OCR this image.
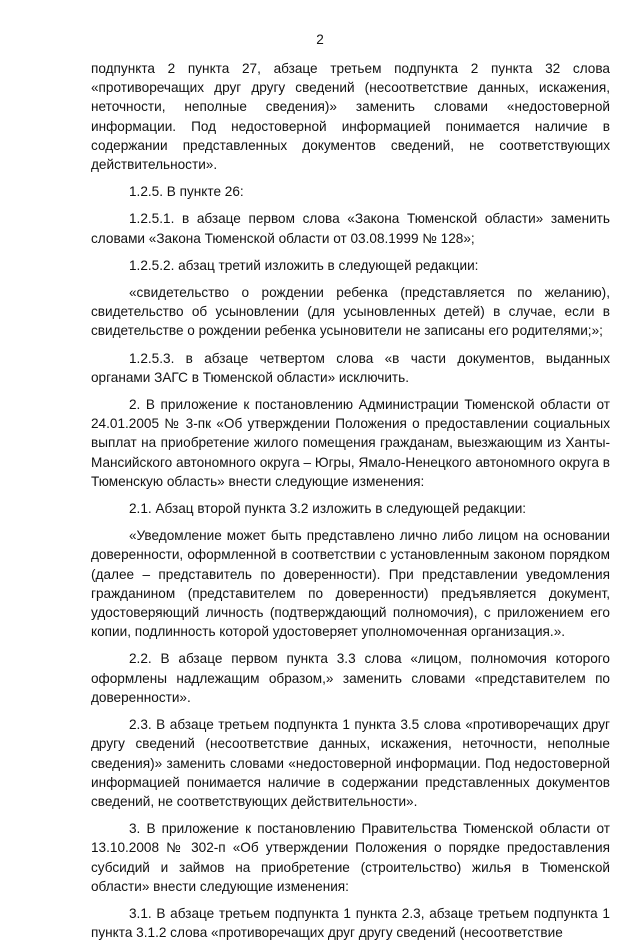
2

подпункта 2 пункта 27, абзаце третьем подпункта 2 пункта 32 слова «противоречащих друг другу сведений (несоответствие данных, искажения, неточности, неполные сведения)» заменить словами «недостоверной информации. Под недостоверной информацией понимается наличие в содержании представленных документов сведений, не соответствующих действительности».

1.2.5. В пункте 26:

1.2.5.1. в абзаце первом слова «Закона Тюменской области» заменить словами «Закона Тюменской области от 03.08.1999 № 128»;

1.2.5.2. абзац третий изложить в следующей редакции:

«свидетельство о рождении ребенка (представляется по желанию), свидетельство об усыновлении (для усыновленных детей) в случае, если в свидетельстве о рождении ребенка усыновители не записаны его родителями;»;

1.2.5.3. в абзаце четвертом слова «в части документов, выданных органами ЗАГС в Тюменской области» исключить.

2. В приложение к постановлению Администрации Тюменской области от 24.01.2005 № 3-пк «Об утверждении Положения о предоставлении социальных выплат на приобретение жилого помещения гражданам, выезжающим из Ханты-Мансийского автономного округа – Югры, Ямало-Ненецкого автономного округа в Тюменскую область» внести следующие изменения:

2.1. Абзац второй пункта 3.2 изложить в следующей редакции:

«Уведомление может быть представлено лично либо лицом на основании доверенности, оформленной в соответствии с установленным законом порядком (далее – представитель по доверенности). При представлении уведомления гражданином (представителем по доверенности) предъявляется документ, удостоверяющий личность (подтверждающий полномочия), с приложением его копии, подлинность которой удостоверяет уполномоченная организация.».

2.2. В абзаце первом пункта 3.3 слова «лицом, полномочия которого оформлены надлежащим образом,» заменить словами «представителем по доверенности».

2.3. В абзаце третьем подпункта 1 пункта 3.5 слова «противоречащих друг другу сведений (несоответствие данных, искажения, неточности, неполные сведения)» заменить словами «недостоверной информации. Под недостоверной информацией понимается наличие в содержании представленных документов сведений, не соответствующих действительности».

3. В приложение к постановлению Правительства Тюменской области от 13.10.2008 № 302-п «Об утверждении Положения о порядке предоставления субсидий и займов на приобретение (строительство) жилья в Тюменской области» внести следующие изменения:

3.1. В абзаце третьем подпункта 1 пункта 2.3, абзаце третьем подпункта 1 пункта 3.1.2 слова «противоречащих друг другу сведений (несоответствие
